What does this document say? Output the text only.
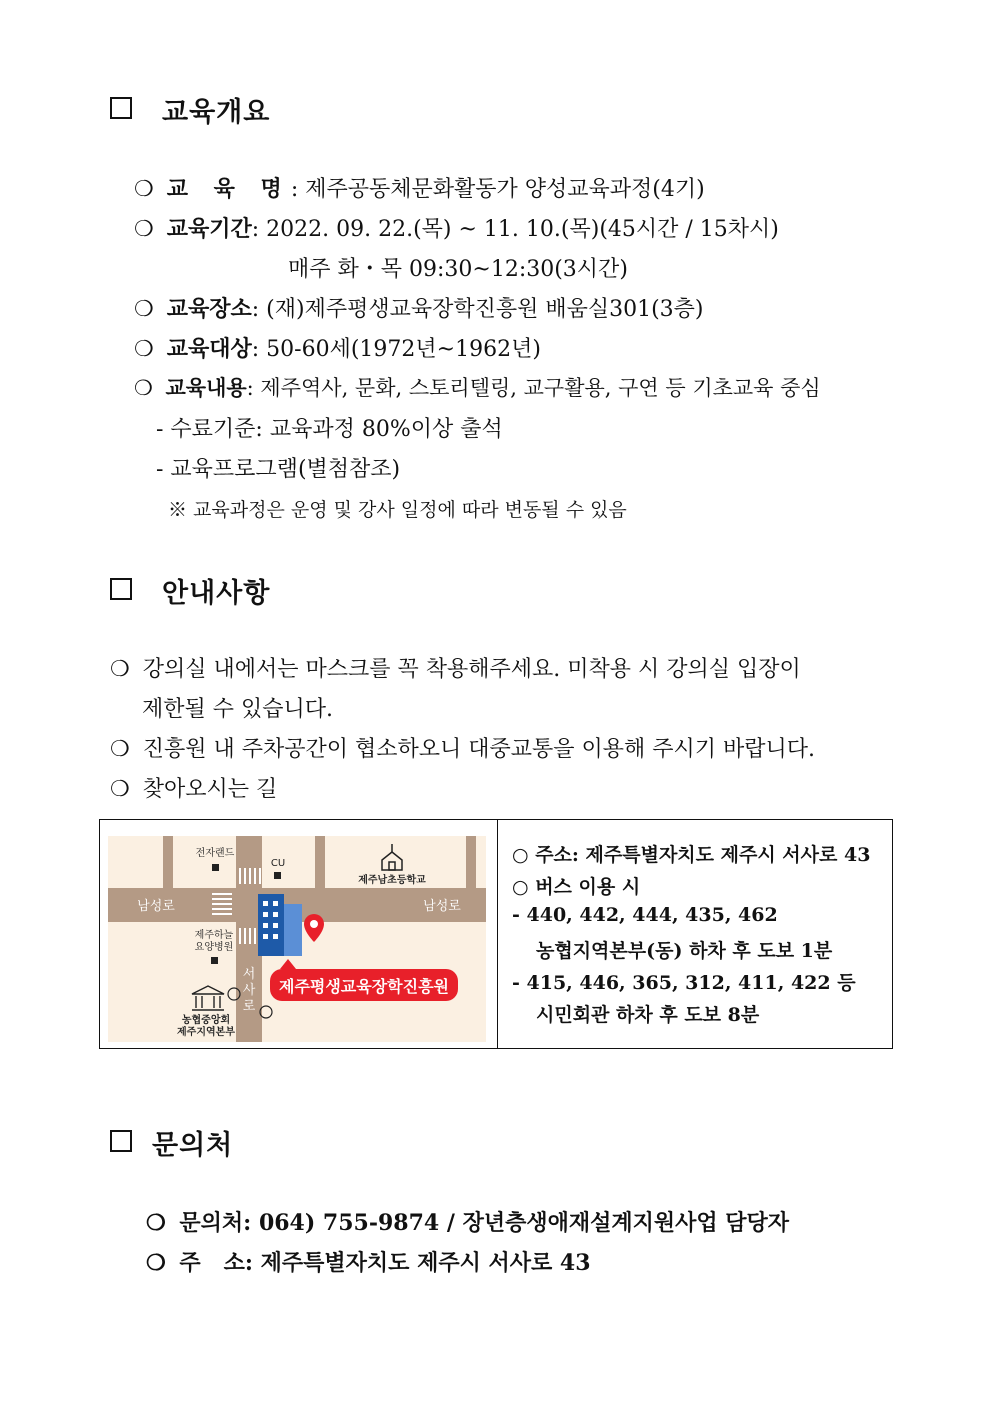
교육개요
❍ 교 육 명: 제주공동체문화활동가 양성교육과정(4기)
❍ 교육기간: 2022. 09. 22.(목) ~ 11. 10.(목)(45시간 / 15차시)
매주 화・목 09:30~12:30(3시간)
❍ 교육장소: (재)제주평생교육장학진흥원 배움실301(3층)
❍ 교육대상: 50-60세(1972년~1962년)
❍ 교육내용: 제주역사, 문화, 스토리텔링, 교구활용, 구연 등 기초교육 중심
- 수료기준: 교육과정 80%이상 출석
- 교육프로그램(별첨참조)
※ 교육과정은 운영 및 강사 일정에 따라 변동될 수 있음
안내사항
❍ 강의실 내에서는 마스크를 꼭 착용해주세요. 미착용 시 강의실 입장이
제한될 수 있습니다.
❍ 진흥원 내 주차공간이 협소하오니 대중교통을 이용해 주시기 바랍니다.
❍ 찾아오시는 길
제주평생교육장학진흥원
전자랜드
CU
제주남초등학교
남성로	남성로
제주하늘
요양병원
서
사
로
농협중앙회
제주지역본부
○ 주소: 제주특별자치도 제주시 서사로 43
○ 버스 이용 시
- 440, 442, 444, 435, 462
농협지역본부(동) 하차 후 도보 1분
- 415, 446, 365, 312, 411, 422 등
시민회관 하차 후 도보 8분
문의처
❍ 문의처: 064) 755-9874 / 장년층생애재설계지원사업 담당자
❍ 주   소: 제주특별자치도 제주시 서사로 43
